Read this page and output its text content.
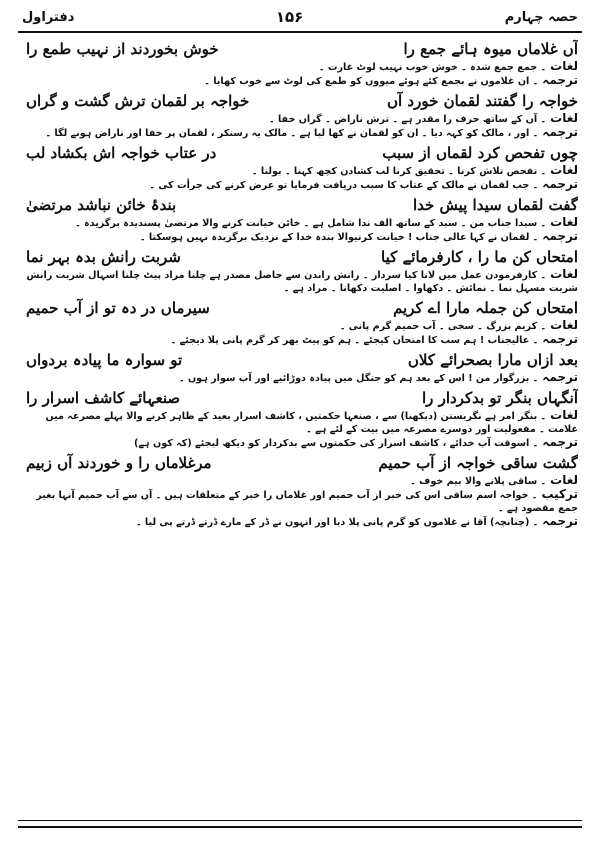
دفتراول	۱۵۶	حصہ چہارم
آں غلاماں میوہ ہائے جمع را
خوش بخوردند از نہیب طمع را
لغات۔ جمع جمع شدہ ۔ خوش خوب نہیب لوٹ غارت ۔
ترجمہ۔ ان غلاموں نے بجمع کئے ہوئے میووں کو طمع کی لوٹ سے خوب کھایا ۔
خواجہ را گفتند لقمان خورد آں
خواجہ بر لقمان ترش گشت و گراں
لغات۔ آں کے ساتھ حرف را مقدر ہے ۔ ترش ناراض ۔ گراں خفا ۔
ترجمہ۔ اور ، مالک کو کہہ دیا ۔ ان کو لقمان نے کھا لیا ہے ۔ مالک یہ رسنکر ، لقمان پر خفا اور ناراض ہونے لگا ۔
چوں تفحص کرد لقماں از سبب
در عتاب خواجہ اش بکشاد لب
لغات۔ تفحص تلاش کرنا ۔ تحقیق کرنا لب کشادن کچھ کہنا ۔ بولنا ۔
ترجمہ۔ جب لقمان نے مالک کے عتاب کا سبب دریافت فرمایا تو عرض کرنے کی جرأت کی ۔
گفت لقماں سیدا پیش خدا
بندۂ خائن نباشد مرتضیٰ
لغات۔ سیدا جناب من ۔ سید کے ساتھ الف ندا شامل ہے ۔ خائن خیانت کرنے والا مرتضیٰ پسندیدہ برگزیدہ ۔
ترجمہ۔ لقمان نے کہا عالی جناب ! خیانت کرنیوالا بندہ خدا کے نزدیک برگزیدہ نہیں ہوسکتا ۔
امتحاں کن ما را ، کارفرمائے کیا
شربت رانش بدہ بہر نما
لغات۔ کارفرمودن عمل میں لانا کیا سردار ۔ رانش راندن سے حاصل مصدر ہے چلنا مراد پیٹ چلنا اسہال شربت رانش شربت مسہل نما ۔ نمائش ۔ دکھاوا ۔ اصلیت دکھانا ۔ مراد ہے ۔
امتحاں کن جملہ مارا اے کریم
سیرماں در دہ تو از آب حمیم
لغات۔ کریم بزرگ ۔ سخی ۔ آب حمیم گرم پانی ۔
ترجمہ۔ عالیجناب ! ہم سب کا امتحان کیجئے ۔ ہم کو پیٹ بھر کر گرم پانی پلا دیجئے ۔
بعد ازاں مارا بصحرائے کلاں
تو سوارہ ما پیادہ بردواں
ترجمہ۔ بزرگوار من ! اس کے بعد ہم کو جنگل میں پیادہ دوڑائیے اور آپ سوار ہوں ۔
آنگہاں بنگر تو بدکردار را
صنعہائے کاشف اسرار را
لغات۔ بنگر امر ہے نگریستن (دیکھنا) سے ، صنعہا حکمتیں ، کاشف اسرار بعید کے ظاہر کرنے والا پہلے مصرعہ میں علامت ۔ مفعولیت اور دوسرے مصرعہ میں بیت کے لئے ہے ۔
ترجمہ۔ اسوقت آپ خدائے ، کاشف اسرار کی حکمتوں سے بدکردار کو دیکھ لیجئے (کہ کون ہے)
گشت ساقی خواجہ از آب حمیم
مرغلاماں را و خوردند آں زبیم
لغات۔ ساقی پلانے والا بیم خوف ۔
ترکیب۔ خواجہ اسم ساقی اس کی خبر از آب حمیم اور غلاماں را خبر کے متعلقات ہیں ۔ آں سے آب حمیم آنہا بغیر جمع مقصود ہے ۔
ترجمہ۔ (چنانچہ) آقا نے غلاموں کو گرم پانی پلا دیا اور انہوں نے ڈر کے مارے ڈرتے ڈرتے پی لیا ۔
